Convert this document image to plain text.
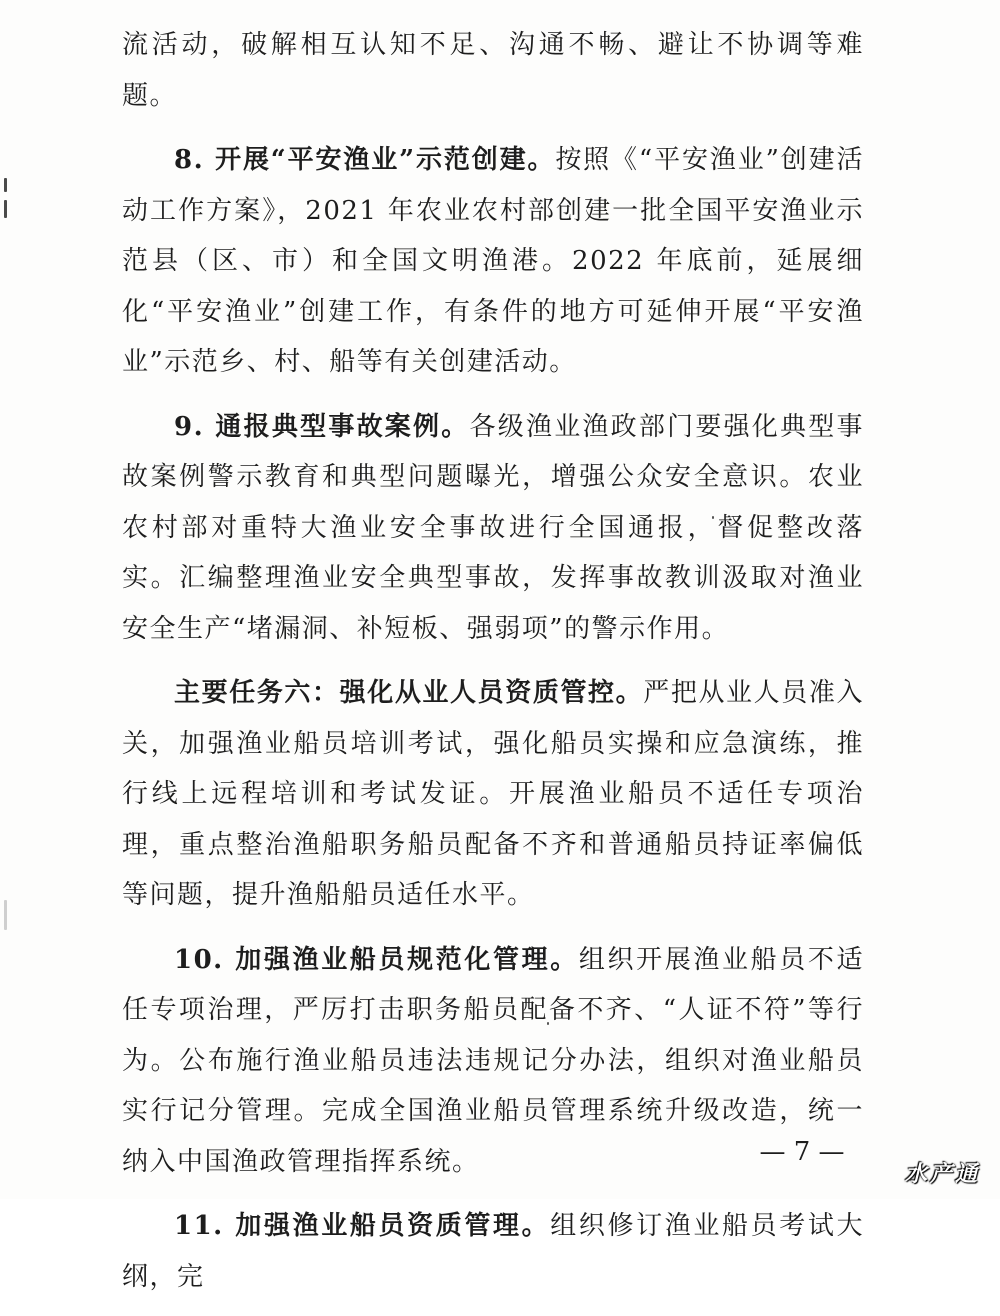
流活动，破解相互认知不足、沟通不畅、避让不协调等难题。

8. 开展“平安渔业”示范创建。按照《“平安渔业”创建活动工作方案》，2021 年农业农村部创建一批全国平安渔业示范县（区、市）和全国文明渔港。2022 年底前，延展细化“平安渔业”创建工作，有条件的地方可延伸开展“平安渔业”示范乡、村、船等有关创建活动。

9. 通报典型事故案例。各级渔业渔政部门要强化典型事故案例警示教育和典型问题曝光，增强公众安全意识。农业农村部对重特大渔业安全事故进行全国通报，督促整改落实。汇编整理渔业安全典型事故，发挥事故教训汲取对渔业安全生产“堵漏洞、补短板、强弱项”的警示作用。

主要任务六：强化从业人员资质管控。严把从业人员准入关，加强渔业船员培训考试，强化船员实操和应急演练，推行线上远程培训和考试发证。开展渔业船员不适任专项治理，重点整治渔船职务船员配备不齐和普通船员持证率偏低等问题，提升渔船船员适任水平。

10. 加强渔业船员规范化管理。组织开展渔业船员不适任专项治理，严厉打击职务船员配备不齐、“人证不符”等行为。公布施行渔业船员违法违规记分办法，组织对渔业船员实行记分管理。完成全国渔业船员管理系统升级改造，统一纳入中国渔政管理指挥系统。

11. 加强渔业船员资质管理。组织修订渔业船员考试大纲，完

— 7 —
水产通
